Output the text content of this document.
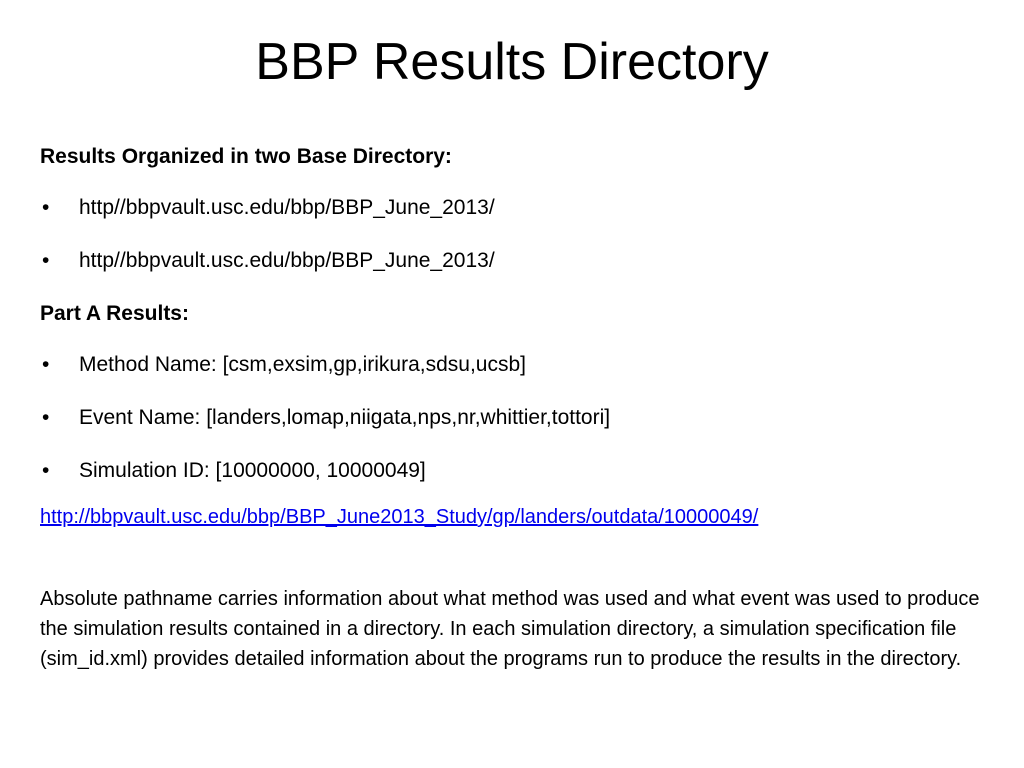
BBP Results Directory

Results Organized in two Base Directory:

• http//bbpvault.usc.edu/bbp/BBP_June_2013/
• http//bbpvault.usc.edu/bbp/BBP_June_2013/

Part A Results:

• Method Name: [csm,exsim,gp,irikura,sdsu,ucsb]
• Event Name: [landers,lomap,niigata,nps,nr,whittier,tottori]
• Simulation ID: [10000000, 10000049]
http://bbpvault.usc.edu/bbp/BBP_June2013_Study/gp/landers/outdata/10000049/

Absolute pathname carries information about what method was used and what event was used to produce the simulation results contained in a directory. In each simulation directory, a simulation specification file (sim_id.xml) provides detailed information about the programs run to produce the results in the directory.
